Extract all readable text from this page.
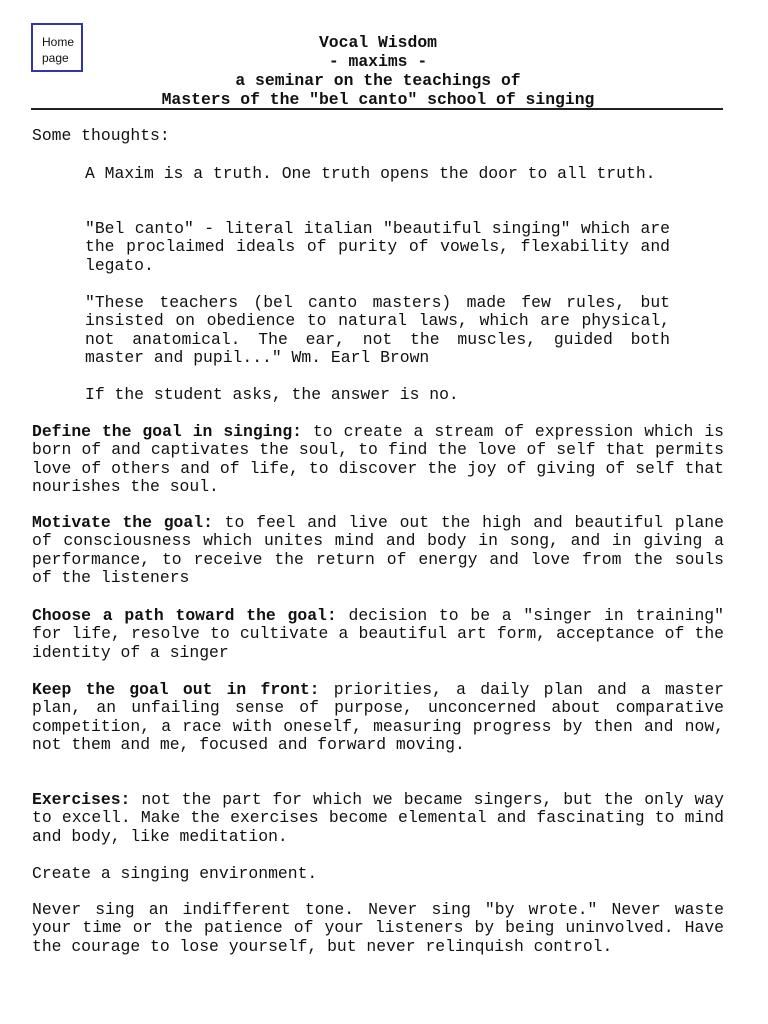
Home
page
Vocal Wisdom
- maxims -
a seminar on the teachings of
Masters of the "bel canto" school of singing

Some thoughts:

A Maxim is a truth. One truth opens the door to all truth.

"Bel canto" - literal italian "beautiful singing" which are the proclaimed ideals of purity of vowels, flexability and legato.

"These teachers (bel canto masters) made few rules, but insisted on obedience to natural laws, which are physical, not anatomical. The ear, not the muscles, guided both master and pupil..." Wm. Earl Brown

If the student asks, the answer is no.

Define the goal in singing: to create a stream of expression which is born of and captivates the soul, to find the love of self that permits love of others and of life, to discover the joy of giving of self that nourishes the soul.

Motivate the goal: to feel and live out the high and beautiful plane of consciousness which unites mind and body in song, and in giving a performance, to receive the return of energy and love from the souls of the listeners

Choose a path toward the goal: decision to be a "singer in training" for life, resolve to cultivate a beautiful art form, acceptance of the identity of a singer

Keep the goal out in front: priorities, a daily plan and a master plan, an unfailing sense of purpose, unconcerned about comparative competition, a race with oneself, measuring progress by then and now, not them and me, focused and forward moving.

Exercises: not the part for which we became singers, but the only way to excell. Make the exercises become elemental and fascinating to mind and body, like meditation.

Create a singing environment.

Never sing an indifferent tone. Never sing "by wrote." Never waste your time or the patience of your listeners by being uninvolved. Have the courage to lose yourself, but never relinquish control.
